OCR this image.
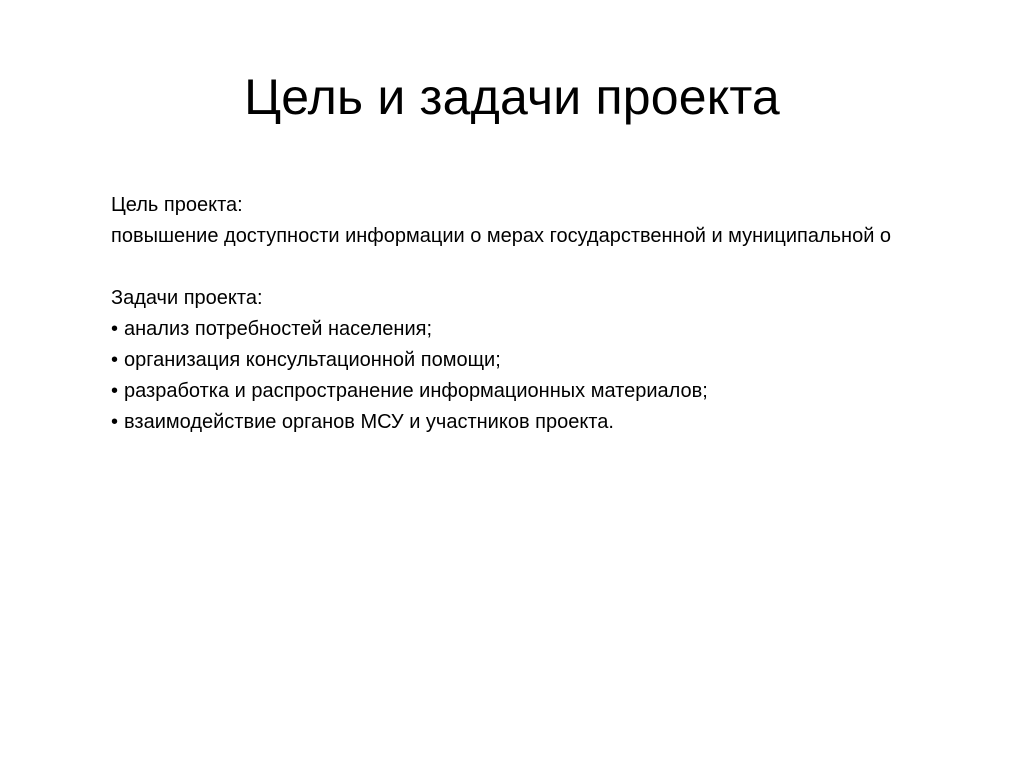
Цель и задачи проекта
Цель проекта:
повышение доступности информации о мерах государственной и муниципальной о
Задачи проекта:
• анализ потребностей населения;
• организация консультационной помощи;
• разработка и распространение информационных материалов;
• взаимодействие органов МСУ и участников проекта.
